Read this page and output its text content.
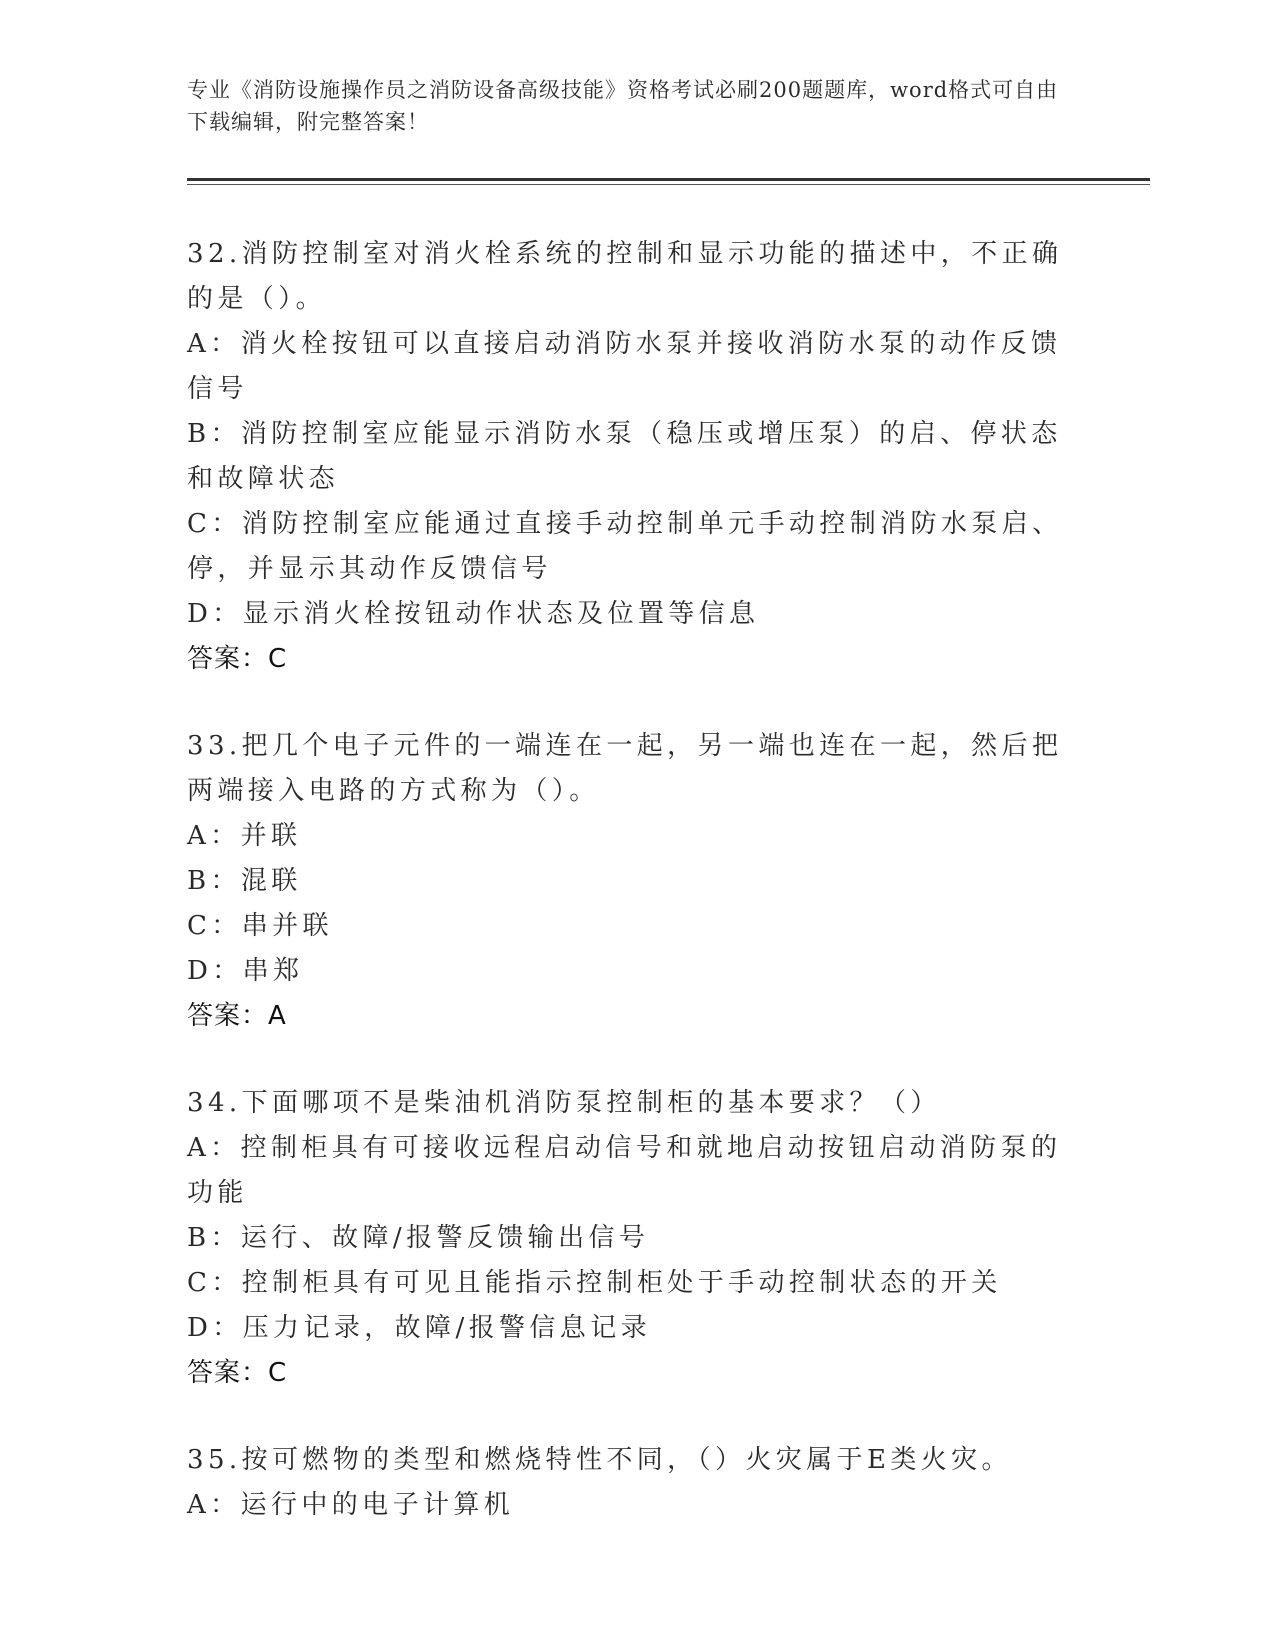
专业《消防设施操作员之消防设备高级技能》资格考试必刷200题题库，word格式可自由下载编辑，附完整答案！
32.消防控制室对消火栓系统的控制和显示功能的描述中，不正确的是（）。
A：消火栓按钮可以直接启动消防水泵并接收消防水泵的动作反馈信号
B：消防控制室应能显示消防水泵（稳压或增压泵）的启、停状态和故障状态
C：消防控制室应能通过直接手动控制单元手动控制消防水泵启、停，并显示其动作反馈信号
D：显示消火栓按钮动作状态及位置等信息
答案：C
33.把几个电子元件的一端连在一起，另一端也连在一起，然后把两端接入电路的方式称为（）。
A：并联
B：混联
C：串并联
D：串郑
答案：A
34.下面哪项不是柴油机消防泵控制柜的基本要求？（）
A：控制柜具有可接收远程启动信号和就地启动按钮启动消防泵的功能
B：运行、故障/报警反馈输出信号
C：控制柜具有可见且能指示控制柜处于手动控制状态的开关
D：压力记录，故障/报警信息记录
答案：C
35.按可燃物的类型和燃烧特性不同，（）火灾属于E类火灾。
A：运行中的电子计算机
